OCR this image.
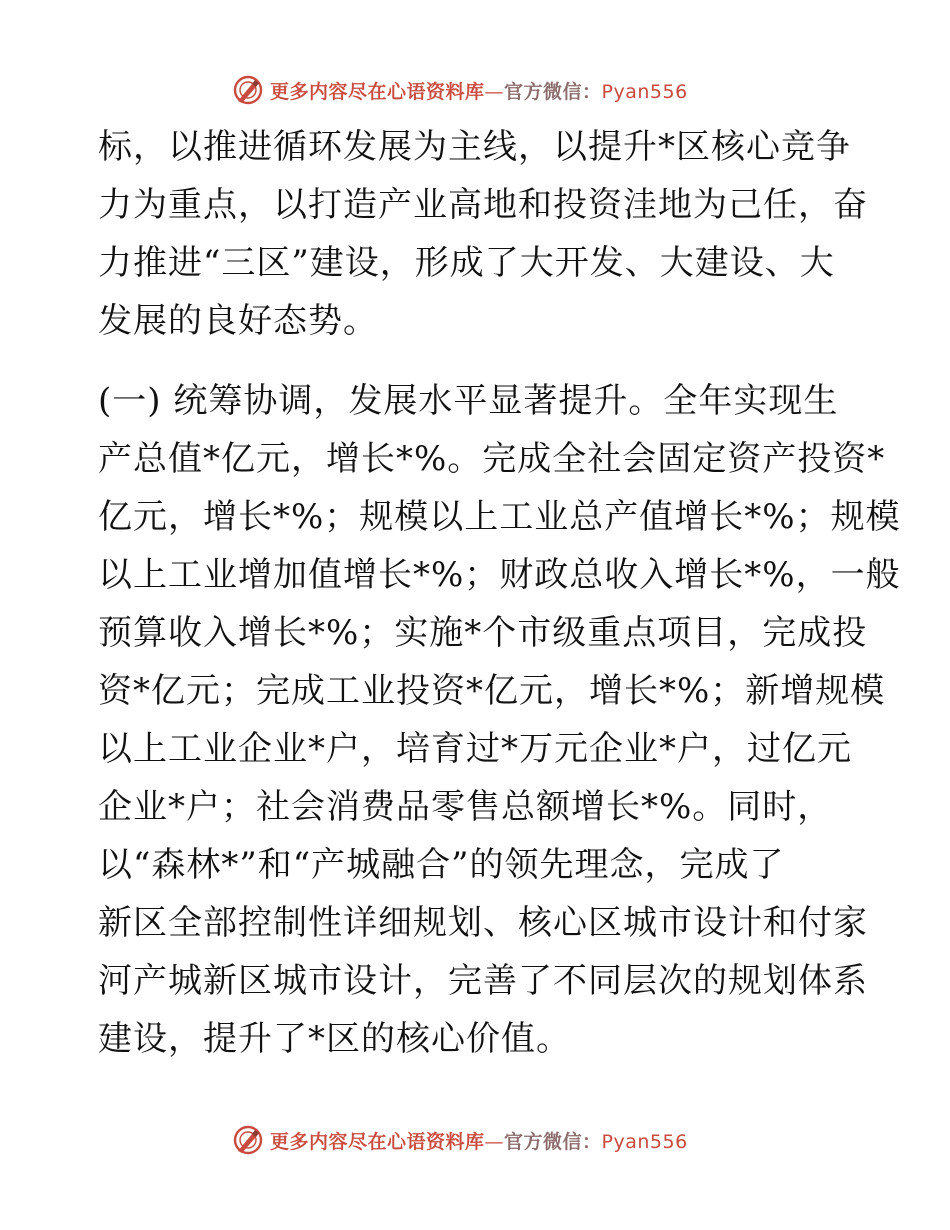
更多内容尽在心语资料库—官方微信：Pyan556
标，以推进循环发展为主线，以提升*区核心竞争
力为重点，以打造产业高地和投资洼地为己任，奋
力推进“三区”建设，形成了大开发、大建设、大
发展的良好态势。
(一) 统筹协调，发展水平显著提升。全年实现生
产总值*亿元，增长*%。完成全社会固定资产投资*
亿元，增长*%；规模以上工业总产值增长*%；规模
以上工业增加值增长*%；财政总收入增长*%，一般
预算收入增长*%；实施*个市级重点项目，完成投
资*亿元；完成工业投资*亿元，增长*%；新增规模
以上工业企业*户，培育过*万元企业*户，过亿元
企业*户；社会消费品零售总额增长*%。同时，
以“森林*”和“产城融合”的领先理念，完成了
新区全部控制性详细规划、核心区城市设计和付家
河产城新区城市设计，完善了不同层次的规划体系
建设，提升了*区的核心价值。
更多内容尽在心语资料库—官方微信：Pyan556
